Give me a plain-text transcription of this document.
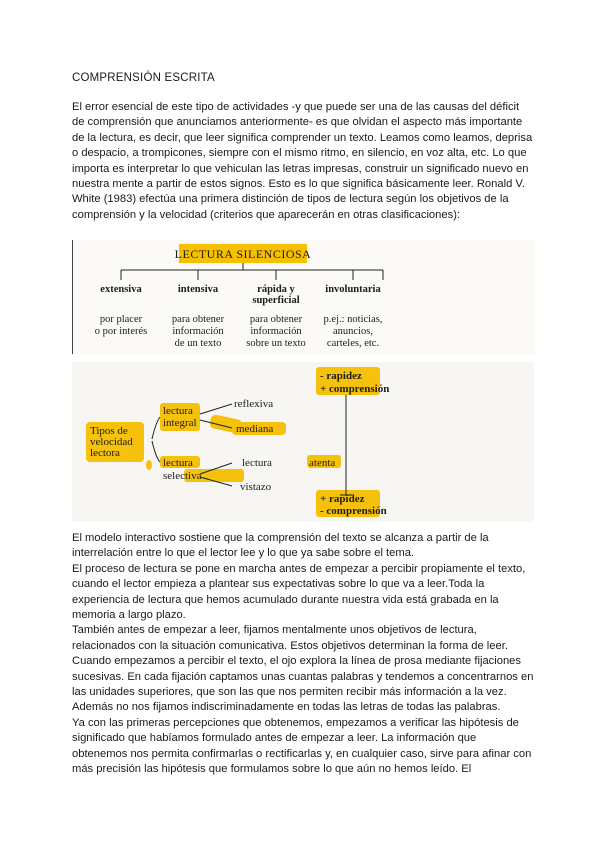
COMPRENSIÓN ESCRITA

El error esencial de este tipo de actividades -y que puede ser una de las causas del déficit de comprensión que anunciamos anteriormente- es que olvidan el aspecto más importante de la lectura, es decir, que leer significa comprender un texto. Leamos como leamos, deprisa o despacio, a trompicones, siempre con el mismo ritmo, en silencio, en voz alta, etc. Lo que importa es interpretar lo que vehiculan las letras impresas, construir un significado nuevo en nuestra mente a partir de estos signos. Esto es lo que significa básicamente leer. Ronald V. White (1983) efectúa una primera distinción de tipos de lectura según los objetivos de la comprensión y la velocidad (criterios que aparecerán en otras clasificaciones):

LECTURA SILENCIOSA
extensiva
por placer
o por interés
intensiva
para obtener
información
de un texto
rápida y
superficial
para obtener
información
sobre un texto
involuntaria
p.ej.: noticias,
anuncios,
carteles, etc.
Tipos de
velocidad
lectora
lectura
integral
reflexiva
mediana
lectura
selectiva
lectura	atenta
vistazo
- rapidez
+ comprensión
+ rapidez
- comprensión

El modelo interactivo sostiene que la comprensión del texto se alcanza a partir de la interrelación entre lo que el lector lee y lo que ya sabe sobre el tema.

El proceso de lectura se pone en marcha antes de empezar a percibir propiamente el texto, cuando el lector empieza a plantear sus expectativas sobre lo que va a leer.Toda la experiencia de lectura que hemos acumulado durante nuestra vida está grabada en la memoria a largo plazo.

También antes de empezar a leer, fijamos mentalmente unos objetivos de lectura, relacionados con la situación comunicativa. Estos objetivos determinan la forma de leer.

Cuando empezamos a percibir el texto, el ojo explora la línea de prosa mediante fijaciones sucesivas. En cada fijación captamos unas cuantas palabras y tendemos a concentrarnos en las unidades superiores, que son las que nos permiten recibir más información a la vez. Además no nos fijamos indiscriminadamente en todas las letras de todas las palabras.

Ya con las primeras percepciones que obtenemos, empezamos a verificar las hipótesis de significado que habíamos formulado antes de empezar a leer. La información que obtenemos nos permita confirmarlas o rectificarlas y, en cualquier caso, sirve para afinar con más precisión las hipótesis que formulamos sobre lo que aún no hemos leído. El
